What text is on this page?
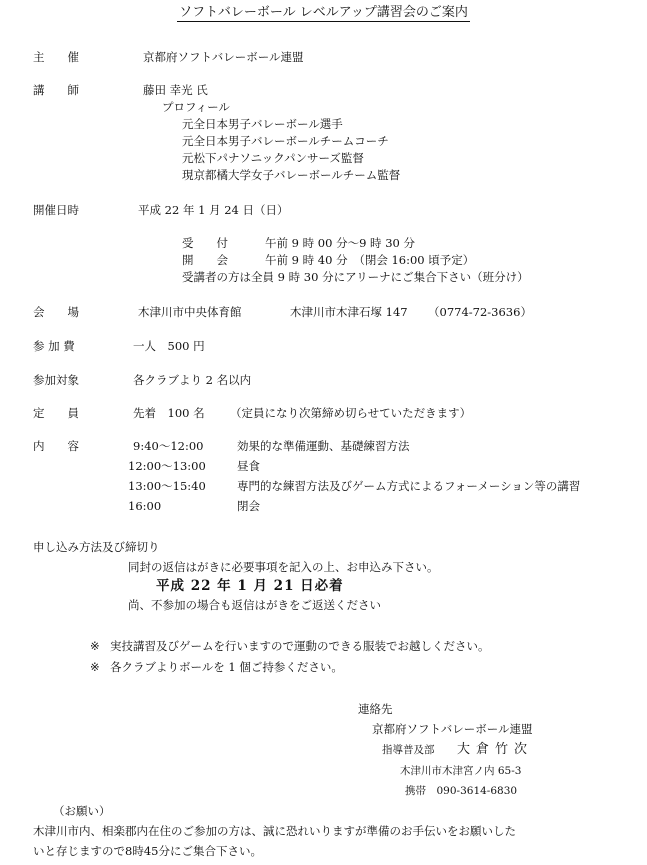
ソフトバレーボール レベルアップ講習会のご案内
主　　催	京都府ソフトバレーボール連盟
講　　師	藤田 幸光 氏
プロフィール
元全日本男子バレーボール選手
元全日本男子バレーボールチームコーチ
元松下パナソニックパンサーズ監督
現京都橘大学女子バレーボールチーム監督
開催日時	平成 22 年 1 月 24 日（日）
受　　付	午前 9 時 00 分～9 時 30 分
開　　会	午前 9 時 40 分　（閉会 16:00 頃予定）
受講者の方は全員 9 時 30 分にアリーナにご集合下さい（班分け）
会　　場	木津川市中央体育館	木津川市木津石塚 147 （0774-72-3636）
参 加 費	一人　500 円
参加対象	各クラブより 2 名以内
定　　員	先着　100 名 （定員になり次第締め切らせていただきます）
内　　容	9:40～12:00	効果的な準備運動、基礎練習方法
12:00～13:00	昼食
13:00～15:40	専門的な練習方法及びゲーム方式によるフォーメーション等の講習
16:00	閉会
申し込み方法及び締切り
同封の返信はがきに必要事項を記入の上、お申込み下さい。
平成 22 年 1 月 21 日必着
尚、不参加の場合も返信はがきをご返送ください
※ 実技講習及びゲームを行いますので運動のできる服装でお越しください。
※ 各クラブよりボールを 1 個ご持参ください。
連絡先
京都府ソフトバレーボール連盟
指導普及部 大倉竹次
木津川市木津宮ノ内 65-3
携帯　090-3614-6830
（お願い）
木津川市内、相楽郡内在住のご参加の方は、誠に恐れいりますが準備のお手伝いをお願いした
いと存じますので8時45分にご集合下さい。
